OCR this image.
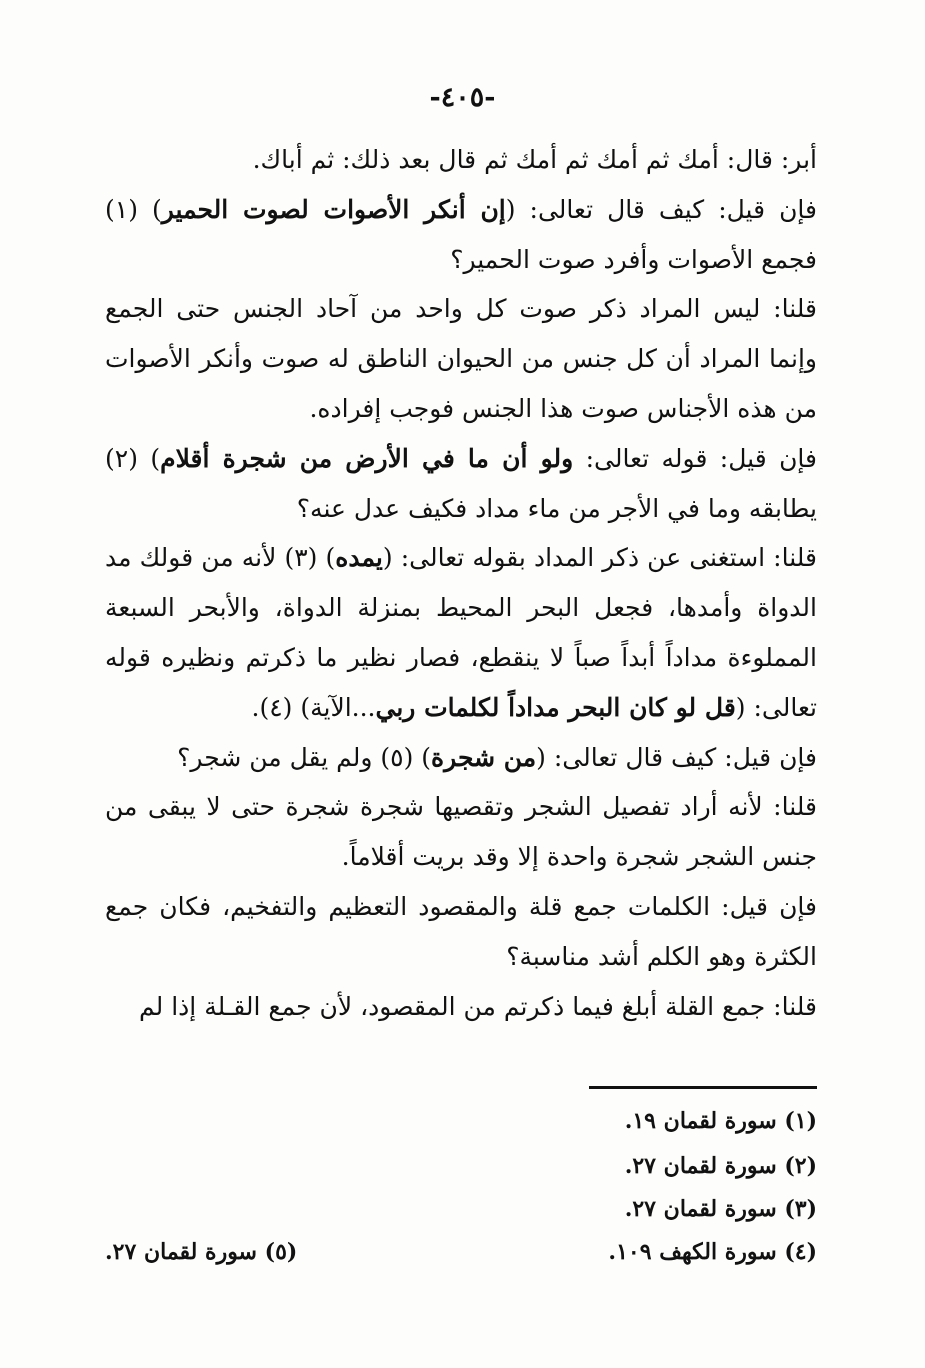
-٤٠٥-

أبر: قال: أمك ثم أمك ثم أمك ثم قال بعد ذلك: ثم أباك.

فإن قيل: كيف قال تعالى: (إن أنكر الأصوات لصوت الحمير) (١) فجمع الأصوات وأفرد صوت الحمير؟

قلنا: ليس المراد ذكر صوت كل واحد من آحاد الجنس حتى الجمع وإنما المراد أن كل جنس من الحيوان الناطق له صوت وأنكر الأصوات من هذه الأجناس صوت هذا الجنس فوجب إفراده.

فإن قيل: قوله تعالى: ولو أن ما في الأرض من شجرة أقلام) (٢) يطابقه وما في الأجر من ماء مداد فكيف عدل عنه؟

قلنا: استغنى عن ذكر المداد بقوله تعالى: (يمده) (٣) لأنه من قولك مد الدواة وأمدها، فجعل البحر المحيط بمنزلة الدواة، والأبحر السبعة المملوءة مداداً أبداً صباً لا ينقطع، فصار نظير ما ذكرتم ونظيره قوله تعالى: (قل لو كان البحر مداداً لكلمات ربي...الآية) (٤).

فإن قيل: كيف قال تعالى: (من شجرة) (٥) ولم يقل من شجر؟

قلنا: لأنه أراد تفصيل الشجر وتقصيها شجرة شجرة حتى لا يبقى من جنس الشجر شجرة واحدة إلا وقد بريت أقلاماً.

فإن قيل: الكلمات جمع قلة والمقصود التعظيم والتفخيم، فكان جمع الكثرة وهو الكلم أشد مناسبة؟

قلنا: جمع القلة أبلغ فيما ذكرتم من المقصود، لأن جمع القـلة إذا لم

(١) سورة لقمان ١٩.
(٢) سورة لقمان ٢٧.
(٣) سورة لقمان ٢٧.
(٤) سورة الكهف ١٠٩.
(٥) سورة لقمان ٢٧.
